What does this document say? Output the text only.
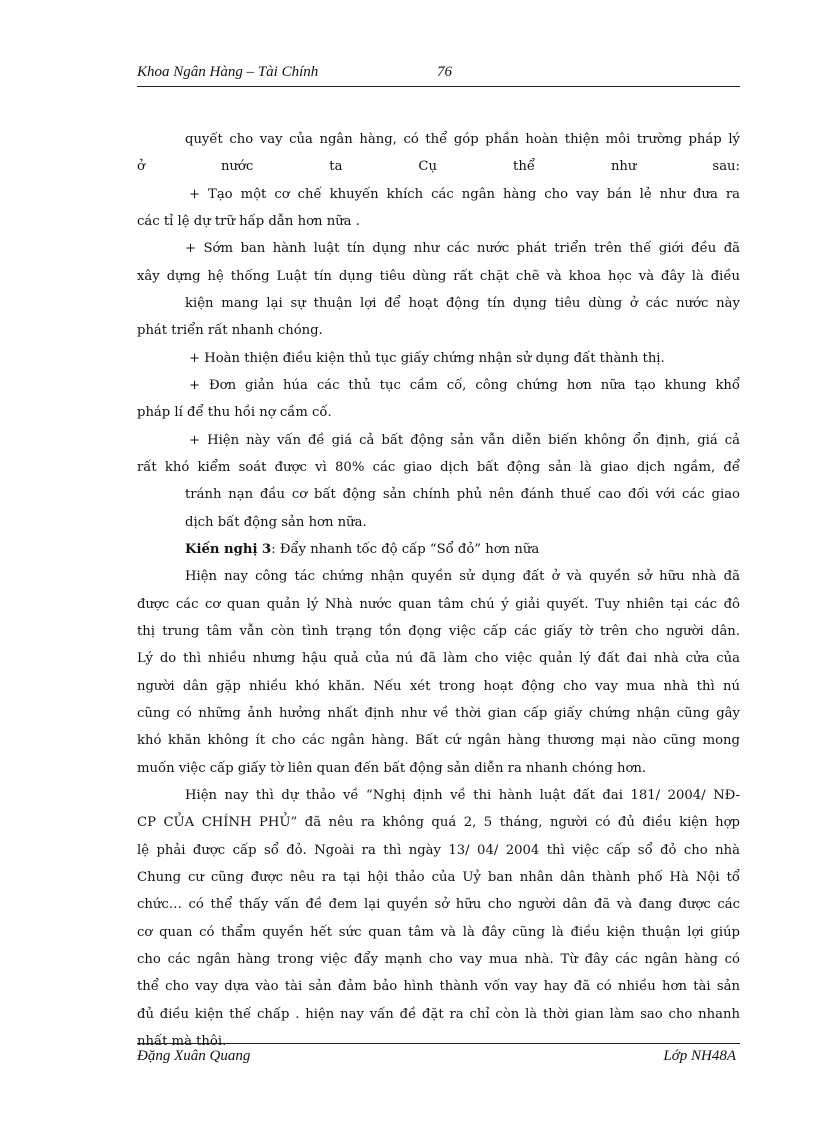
Khoa Ngân Hàng – Tài Chính	76
quyết cho vay của ngân hàng, có thể góp phần hoàn thiện môi trường pháp lý
ở nước ta Cụ thể như sau:
+ Tạo một cơ chế khuyến khích các ngân hàng cho vay bán lẻ như đưa ra
các tỉ lệ dự trữ hấp dẫn hơn nữa .
+ Sớm ban hành luật tín dụng như các nước phát triển trên thế giới đều đã
xây dựng hệ thống Luật tín dụng tiêu dùng rất chặt chẽ và khoa học và đây là điều
kiện mang lại sự thuận lợi để hoạt động tín dụng tiêu dùng ở các nước này
phát triển rất nhanh chóng.
+ Hoàn thiện điều kiện thủ tục giấy chứng nhận sử dụng đất thành thị.
+ Đơn giản húa các thủ tục cầm cố, công chứng hơn nữa tạo khung khổ
pháp lí để thu hồi nợ cầm cố.
+ Hiện này vấn đề giá cả bất động sản vẫn diễn biến không ổn định, giá cả
rất khó kiểm soát được vì 80% các giao dịch bất động sản là giao dịch ngầm, để
tránh nạn đầu cơ bất động sản chính phủ nên đánh thuế cao đối với các giao
dịch bất động sản hơn nữa.
Kiến nghị 3: Đẩy nhanh tốc độ cấp “Sổ đỏ” hơn nữa
Hiện nay công tác chứng nhận quyền sử dụng đất ở và quyền sở hữu nhà đã
được các cơ quan quản lý Nhà nước quan tâm chú ý giải quyết. Tuy nhiên tại các đô
thị trung tâm vẫn còn tình trạng tồn đọng việc cấp các giấy tờ trên cho người dân.
Lý do thì nhiều nhưng hậu quả của nú đã làm cho việc quản lý đất đai nhà cửa của
người dân gặp nhiều khó khăn. Nếu xét trong hoạt động cho vay mua nhà thì nú
cũng có những ảnh hưởng nhất định như về thời gian cấp giấy chứng nhận cũng gây
khó khăn không ít cho các ngân hàng. Bất cứ ngân hàng thương mại nào cũng mong
muốn việc cấp giấy tờ liên quan đến bất động sản diễn ra nhanh chóng hơn.
Hiện nay thì dự thảo về “Nghị định về thi hành luật đất đai 181/ 2004/ NĐ-
CP CỦA CHÍNH PHỦ” đã nêu ra không quá 2, 5 tháng, người có đủ điều kiện hợp
lệ phải được cấp sổ đỏ. Ngoài ra thì ngày 13/ 04/ 2004 thì việc cấp sổ đỏ cho nhà
Chung cư cũng được nêu ra tại hội thảo của Uỷ ban nhân dân thành phố Hà Nội tổ
chức… có thể thấy vấn đề đem lại quyền sở hữu cho người dân đã và đang được các
cơ quan có thẩm quyền hết sức quan tâm và là đây cũng là điều kiện thuận lợi giúp
cho các ngân hàng trong việc đẩy mạnh cho vay mua nhà. Từ đây các ngân hàng có
thể cho vay dựa vào tài sản đảm bảo hình thành vốn vay hay đã có nhiều hơn tài sản
đủ điều kiện thế chấp . hiện nay vấn đề đặt ra chỉ còn là thời gian làm sao cho nhanh
nhất mà thôi.
Đặng Xuân Quang	Lớp NH48A
